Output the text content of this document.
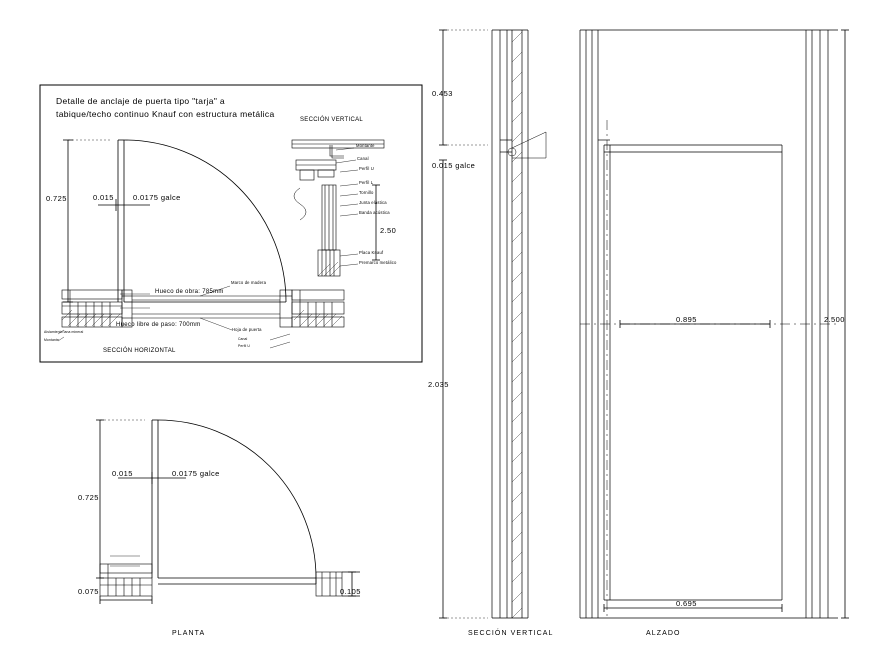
Detalle de anclaje de puerta tipo "tarja" a
tabique/techo continuo Knauf con estructura metálica
SECCIÓN VERTICAL
SECCIÓN HORIZONTAL
0.725	0.015	0.0175 galce
2.50
Hueco de obra: 785mm
Hueco libre de paso: 700mm
Montante
Canal
Perfil U
Perfil L
Tornillo
Junta elástica
Banda acústica
Placa Knauf
Premarco metálico
Marco de madera
Hoja de puerta
Aislamiento lana mineral
Montante	Canal
Perfil U
0.725
0.015	0.0175 galce
0.075	0.105
PLANTA
0.453
0.015 galce
2.035
SECCIÓN VERTICAL
0.895	2.500
0.695
ALZADO
